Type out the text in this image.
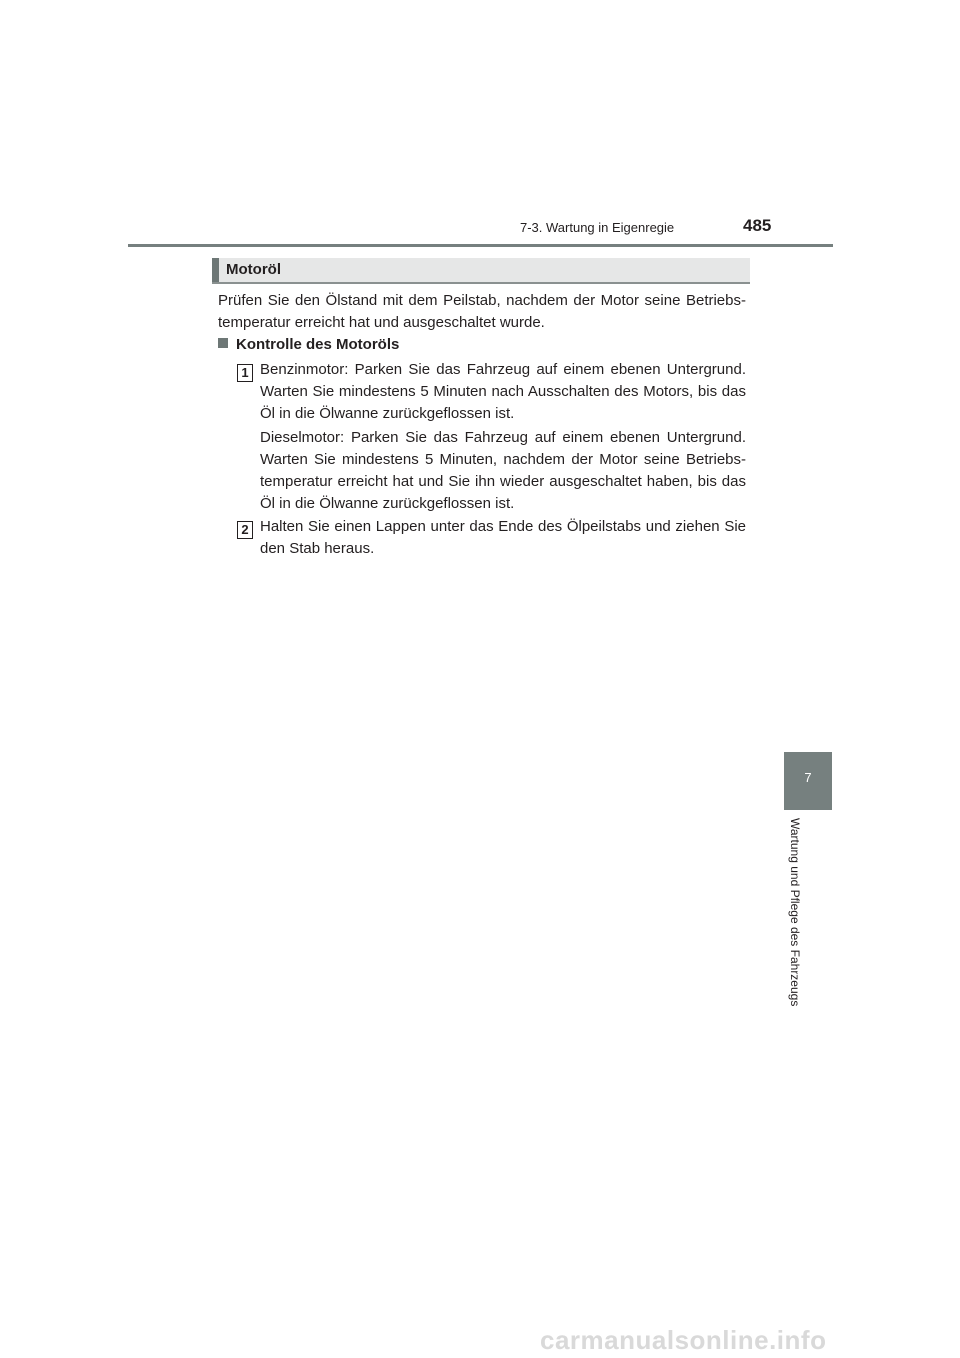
7-3. Wartung in Eigenregie	485
Motoröl
Prüfen Sie den Ölstand mit dem Peilstab, nachdem der Motor seine Betriebs-temperatur erreicht hat und ausgeschaltet wurde.
Kontrolle des Motoröls
1 Benzinmotor: Parken Sie das Fahrzeug auf einem ebenen Untergrund. Warten Sie mindestens 5 Minuten nach Ausschalten des Motors, bis das Öl in die Ölwanne zurückgeflossen ist.
Dieselmotor: Parken Sie das Fahrzeug auf einem ebenen Untergrund. Warten Sie mindestens 5 Minuten, nachdem der Motor seine Betriebs-temperatur erreicht hat und Sie ihn wieder ausgeschaltet haben, bis das Öl in die Ölwanne zurückgeflossen ist.
2 Halten Sie einen Lappen unter das Ende des Ölpeilstabs und ziehen Sie den Stab heraus.
7
Wartung und Pflege des Fahrzeugs
carmanualsonline.info
